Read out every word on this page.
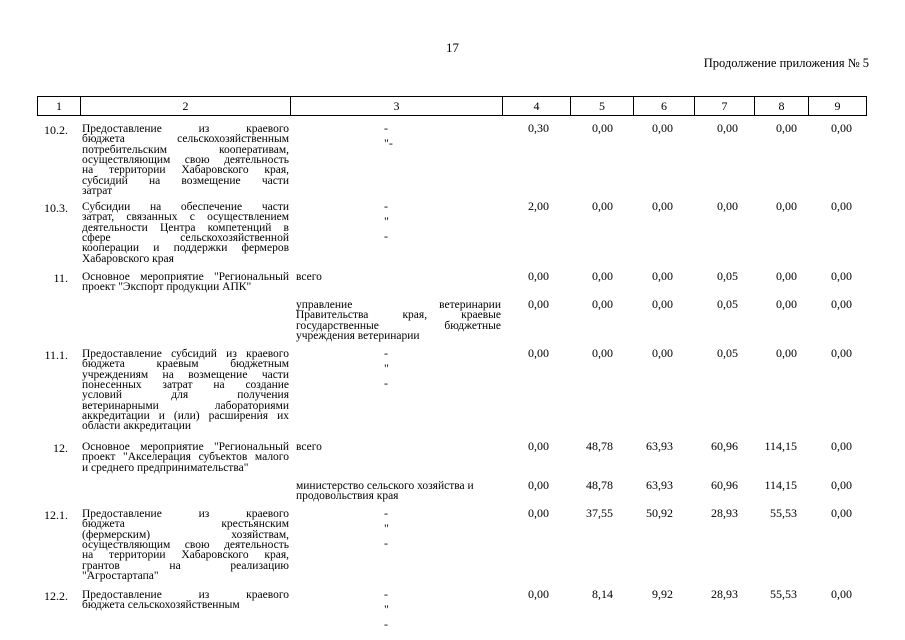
17
Продолжение приложения № 5
1	2	3	4	5	6	7	8	9
10.2. Предоставление из краевого
бюджета сельскохозяйственным
потребительским кооперативам,
осуществляющим свою деятельность
на территории Хабаровского края,
субсидий на возмещение части
затрат
-"-
0,30	0,00	0,00	0,00	0,00	0,00
10.3. Субсидии на обеспечение части
затрат, связанных с осуществлением
деятельности Центра компетенций в
сфере сельскохозяйственной
кооперации и поддержки фермеров
Хабаровского края
- " -
2,00	0,00	0,00	0,00	0,00	0,00
11. Основное мероприятие "Региональный
проект "Экспорт продукции АПК"
всего	0,00	0,00	0,00	0,05	0,00	0,00
управление ветеринарии
Правительства края, краевые
государственные бюджетные
учреждения ветеринарии
0,00	0,00	0,00	0,05	0,00	0,00
11.1. Предоставление субсидий из краевого
бюджета краевым бюджетным
учреждениям на возмещение части
понесенных затрат на создание
условий для получения
ветеринарными лабораториями
аккредитации и (или) расширения их
области аккредитации
- " -
0,00	0,00	0,00	0,05	0,00	0,00
12. Основное мероприятие "Региональный
проект "Акселерация субъектов малого
и среднего предпринимательства"
всего	0,00	48,78	63,93	60,96	114,15	0,00
министерство сельского хозяйства и
продовольствия края
0,00	48,78	63,93	60,96	114,15	0,00
12.1. Предоставление из краевого
бюджета крестьянским
(фермерским) хозяйствам,
осуществляющим свою деятельность
на территории Хабаровского края,
грантов на реализацию
"Агростартапа"
- " -
0,00	37,55	50,92	28,93	55,53	0,00
12.2. Предоставление из краевого
бюджета сельскохозяйственным
- " -
0,00	8,14	9,92	28,93	55,53	0,00
